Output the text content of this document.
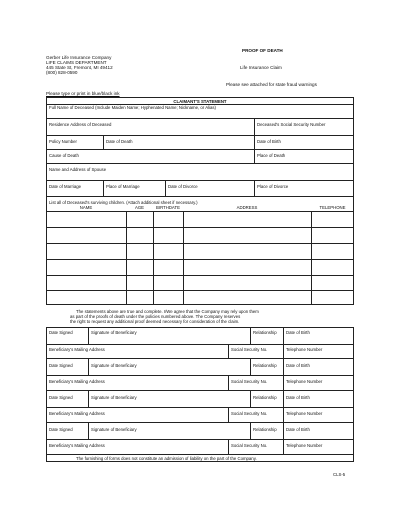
Gerber Life Insurance Company
LIFE CLAIMS DEPARTMENT
445 State St, Fremont, MI 49412
(800) 828-0590
PROOF OF DEATH
Life Insurance Claim
Please see attached for state fraud warnings
Please type or print in blue/black ink
CLAIMANT'S STATEMENT
Full Name of Deceased (Include Maiden Name; Hyphenated Name; Nickname, or Alias)
Residence Address of Deceased	Deceased's Social Security Number
Policy Number	Date of Death	Date of Birth
Cause of Death	Place of Death
Name and Address of Spouse
Date of Marriage	Place of Marriage	Date of Divorce	Place of Divorce
List all of Deceased's surviving children. (Attach additional sheet if necessary.)
NAME	AGE	BIRTHDATE	ADDRESS	TELEPHONE
The statements above are true and complete. I/We agree that the Company may rely upon them
as part of the proofs of death under the policies numbered above. The Company reserves
the right to request any additional proof deemed necessary for consideration of the claim.
Date Signed	Signature of Beneficiary	Relationship Date of Birth
Beneficiary's Mailing Address	Social Security No.	Telephone Number
Date Signed	Signature of Beneficiary	Relationship Date of Birth
Beneficiary's Mailing Address	Social Security No.	Telephone Number
Date Signed	Signature of Beneficiary	Relationship Date of Birth
Beneficiary's Mailing Address	Social Security No.	Telephone Number
Date Signed	Signature of Beneficiary	Relationship Date of Birth
Beneficiary's Mailing Address	Social Security No.	Telephone Number
The furnishing of forms does not constitute an admission of liability on the part of the Company.
CLS-5
